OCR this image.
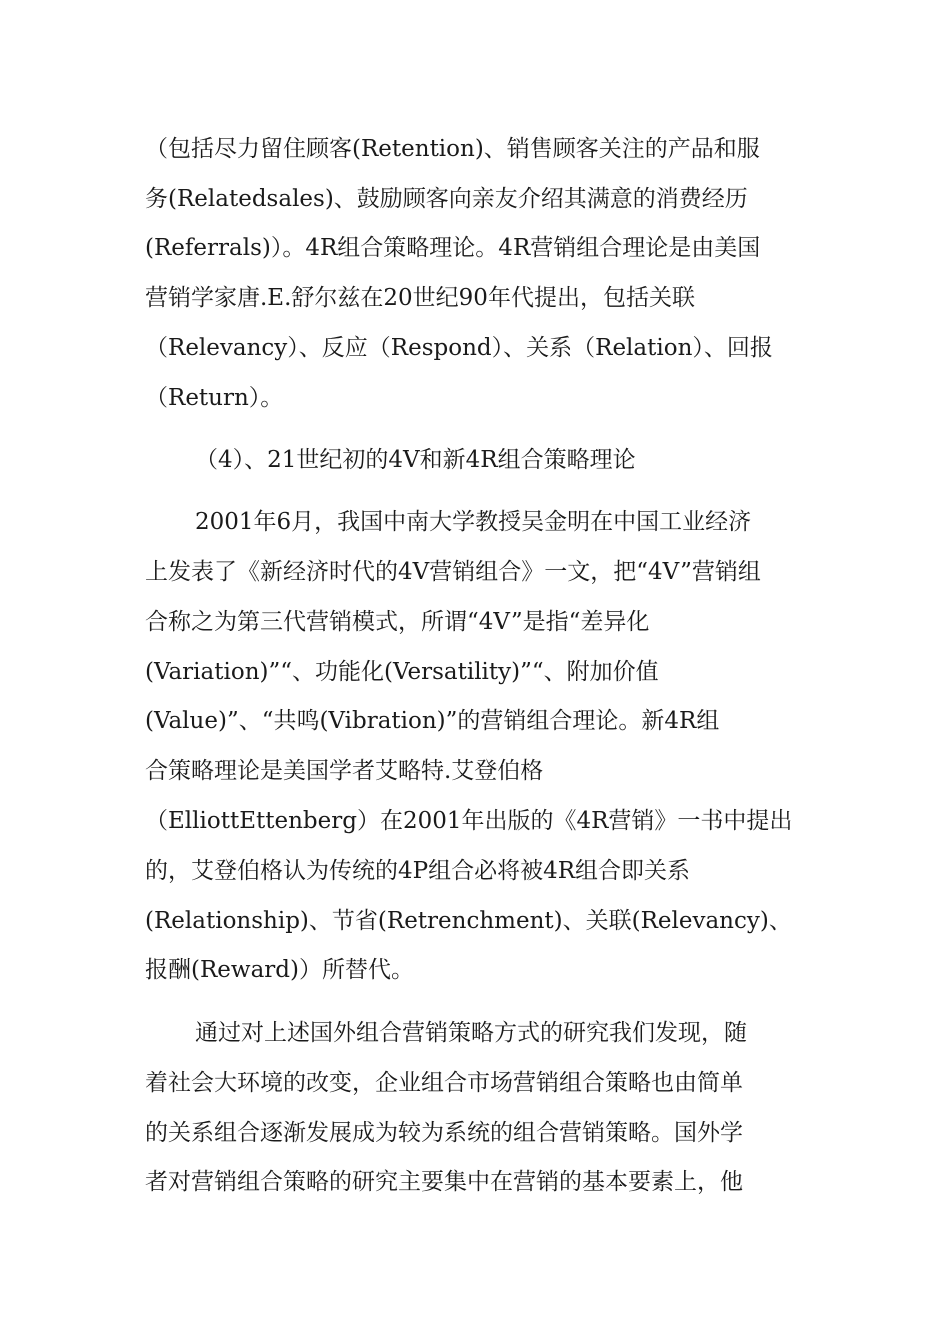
（包括尽力留住顾客(Retention)、销售顾客关注的产品和服

务(Relatedsales)、鼓励顾客向亲友介绍其满意的消费经历

(Referrals)）。4R组合策略理论。4R营销组合理论是由美国

营销学家唐.E.舒尔兹在20世纪90年代提出，包括关联

（Relevancy）、反应（Respond）、关系（Relation）、回报

（Return）。

（4）、21世纪初的4V和新4R组合策略理论

2001年6月，我国中南大学教授吴金明在中国工业经济

上发表了《新经济时代的4V营销组合》一文，把“4V”营销组

合称之为第三代营销模式，所谓“4V”是指“差异化

(Variation)”“、功能化(Versatility)”“、附加价值

(Value)”、“共鸣(Vibration)”的营销组合理论。新4R组

合策略理论是美国学者艾略特.艾登伯格

（ElliottEttenberg）在2001年出版的《4R营销》一书中提出

的，艾登伯格认为传统的4P组合必将被4R组合即关系

(Relationship)、节省(Retrenchment)、关联(Relevancy)、

报酬(Reward)）所替代。

通过对上述国外组合营销策略方式的研究我们发现，随

着社会大环境的改变，企业组合市场营销组合策略也由简单

的关系组合逐渐发展成为较为系统的组合营销策略。国外学

者对营销组合策略的研究主要集中在营销的基本要素上，他
